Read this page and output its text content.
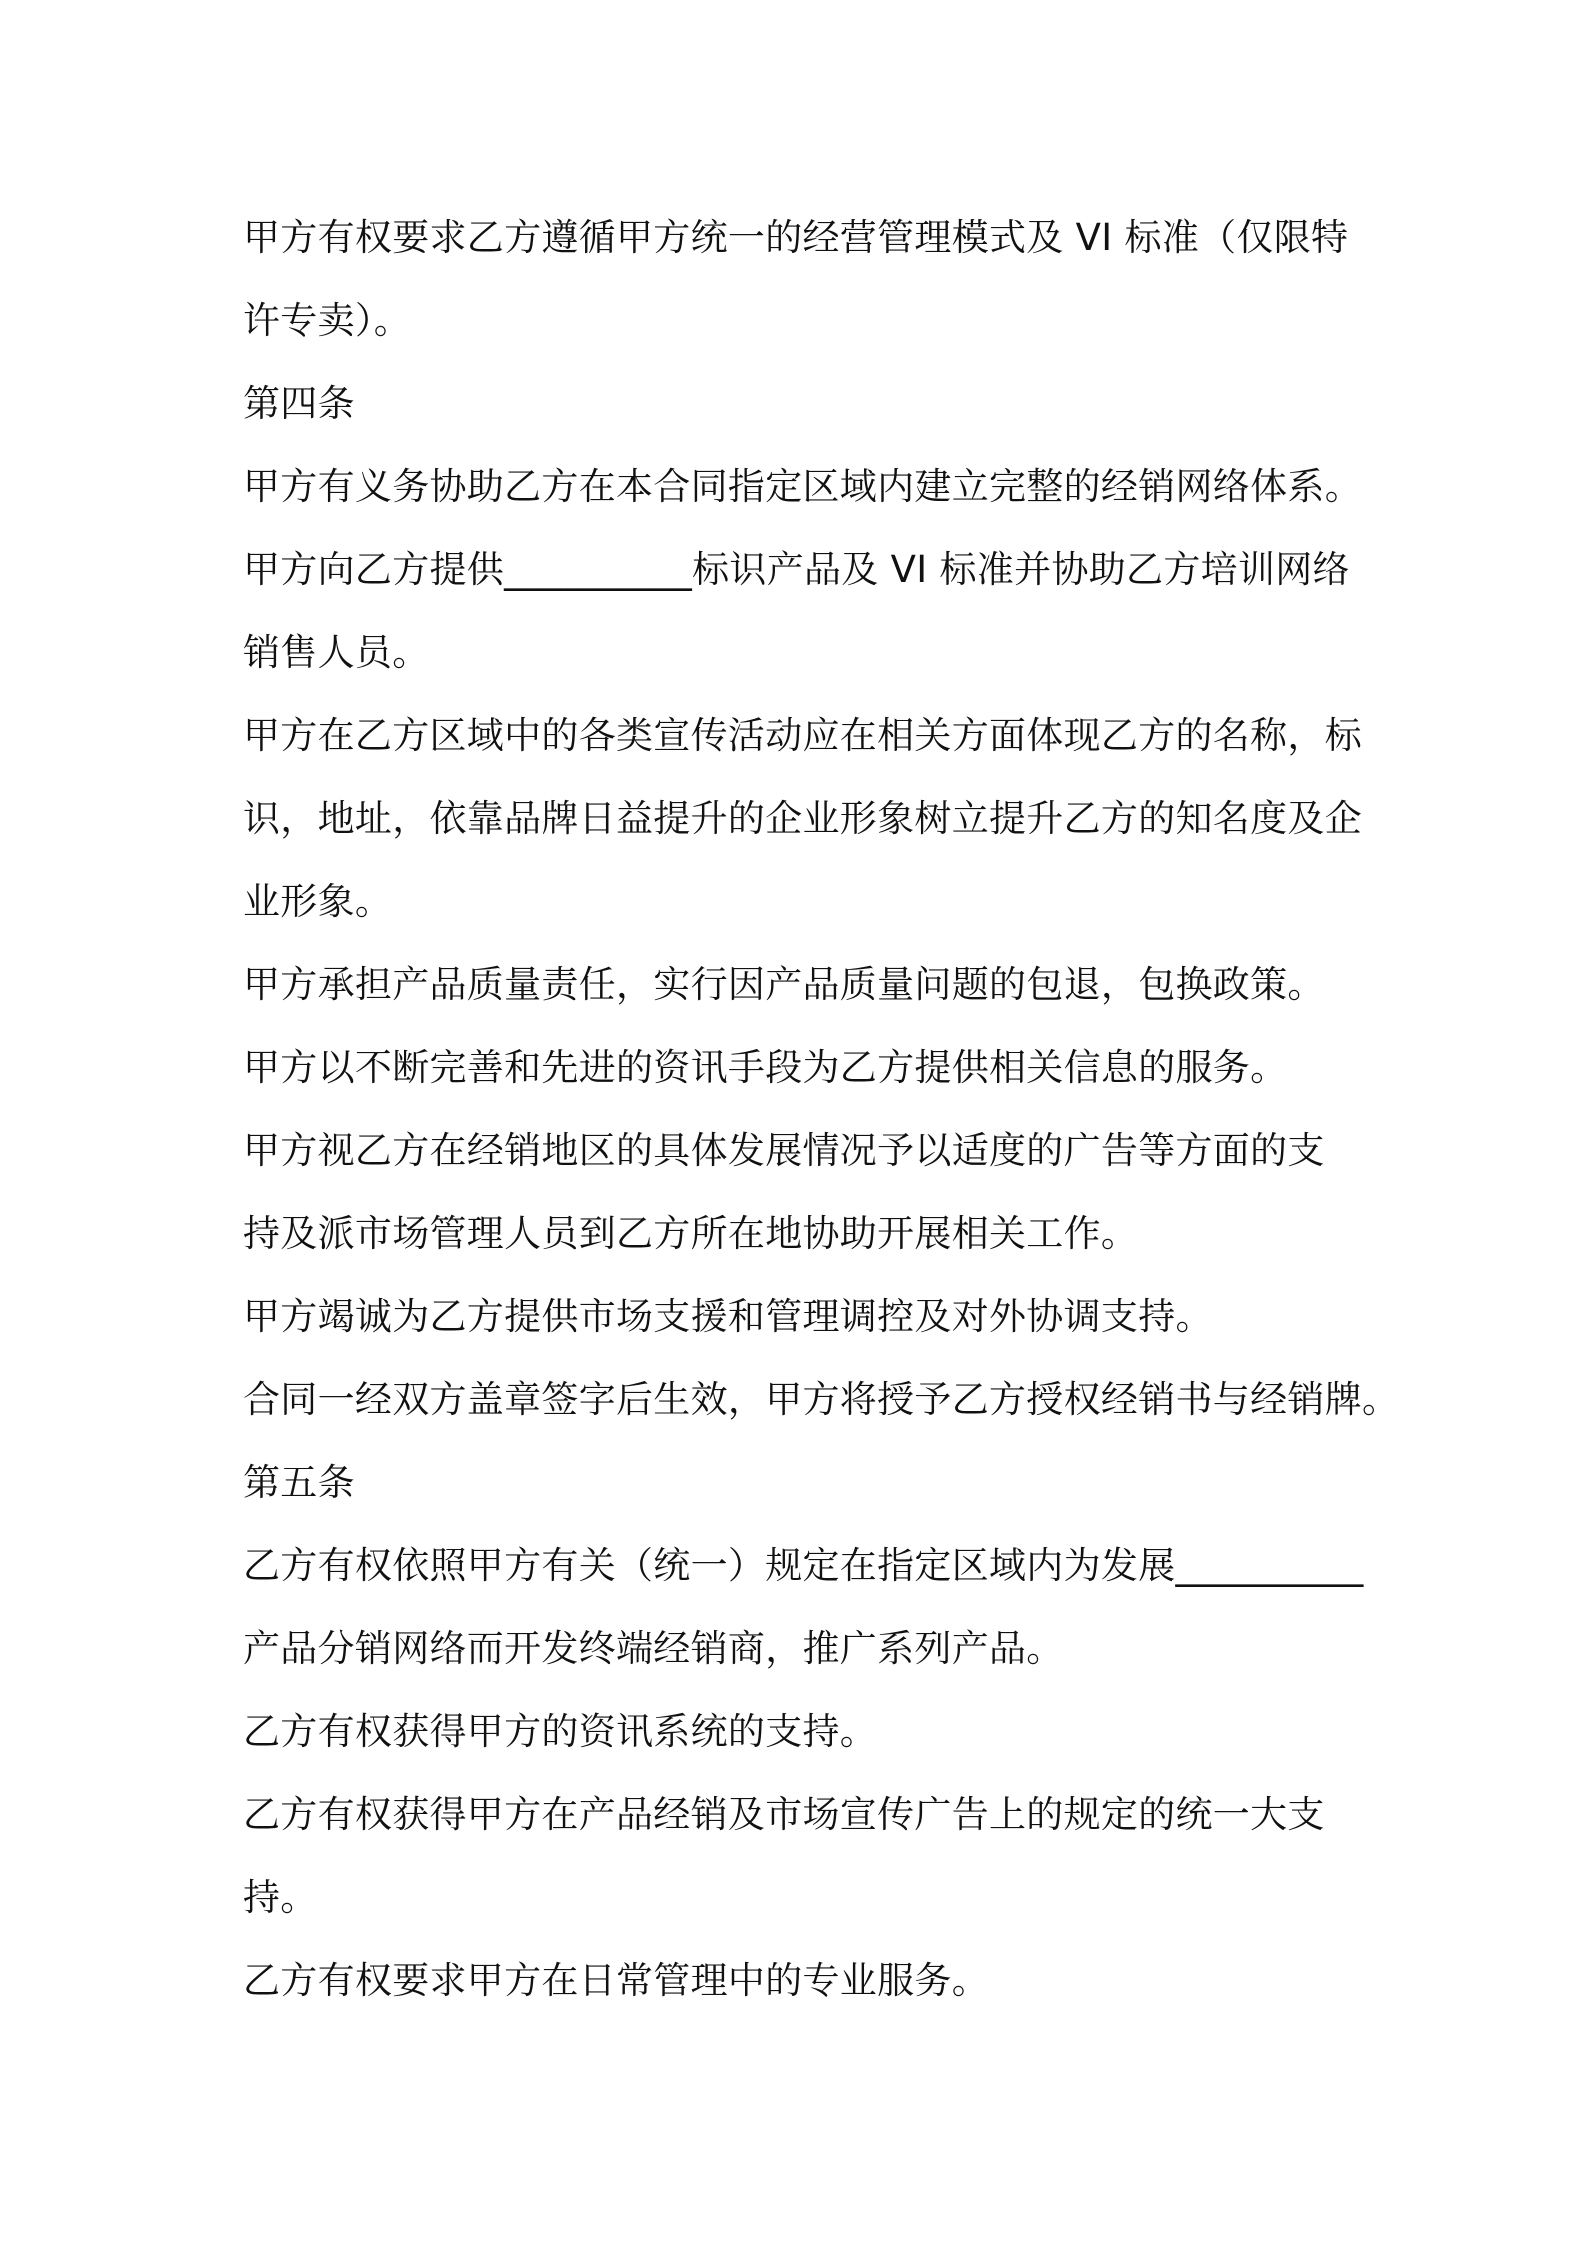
甲方有权要求乙方遵循甲方统一的经营管理模式及 VI 标准（仅限特
许专卖）。
第四条
甲方有义务协助乙方在本合同指定区域内建立完整的经销网络体系。
甲方向乙方提供__________标识产品及 VI 标准并协助乙方培训网络
销售人员。
甲方在乙方区域中的各类宣传活动应在相关方面体现乙方的名称，标
识，地址，依靠品牌日益提升的企业形象树立提升乙方的知名度及企
业形象。
甲方承担产品质量责任，实行因产品质量问题的包退，包换政策。
甲方以不断完善和先进的资讯手段为乙方提供相关信息的服务。
甲方视乙方在经销地区的具体发展情况予以适度的广告等方面的支
持及派市场管理人员到乙方所在地协助开展相关工作。
甲方竭诚为乙方提供市场支援和管理调控及对外协调支持。
合同一经双方盖章签字后生效，甲方将授予乙方授权经销书与经销牌。
第五条
乙方有权依照甲方有关（统一）规定在指定区域内为发展__________
产品分销网络而开发终端经销商，推广系列产品。
乙方有权获得甲方的资讯系统的支持。
乙方有权获得甲方在产品经销及市场宣传广告上的规定的统一大支
持。
乙方有权要求甲方在日常管理中的专业服务。
